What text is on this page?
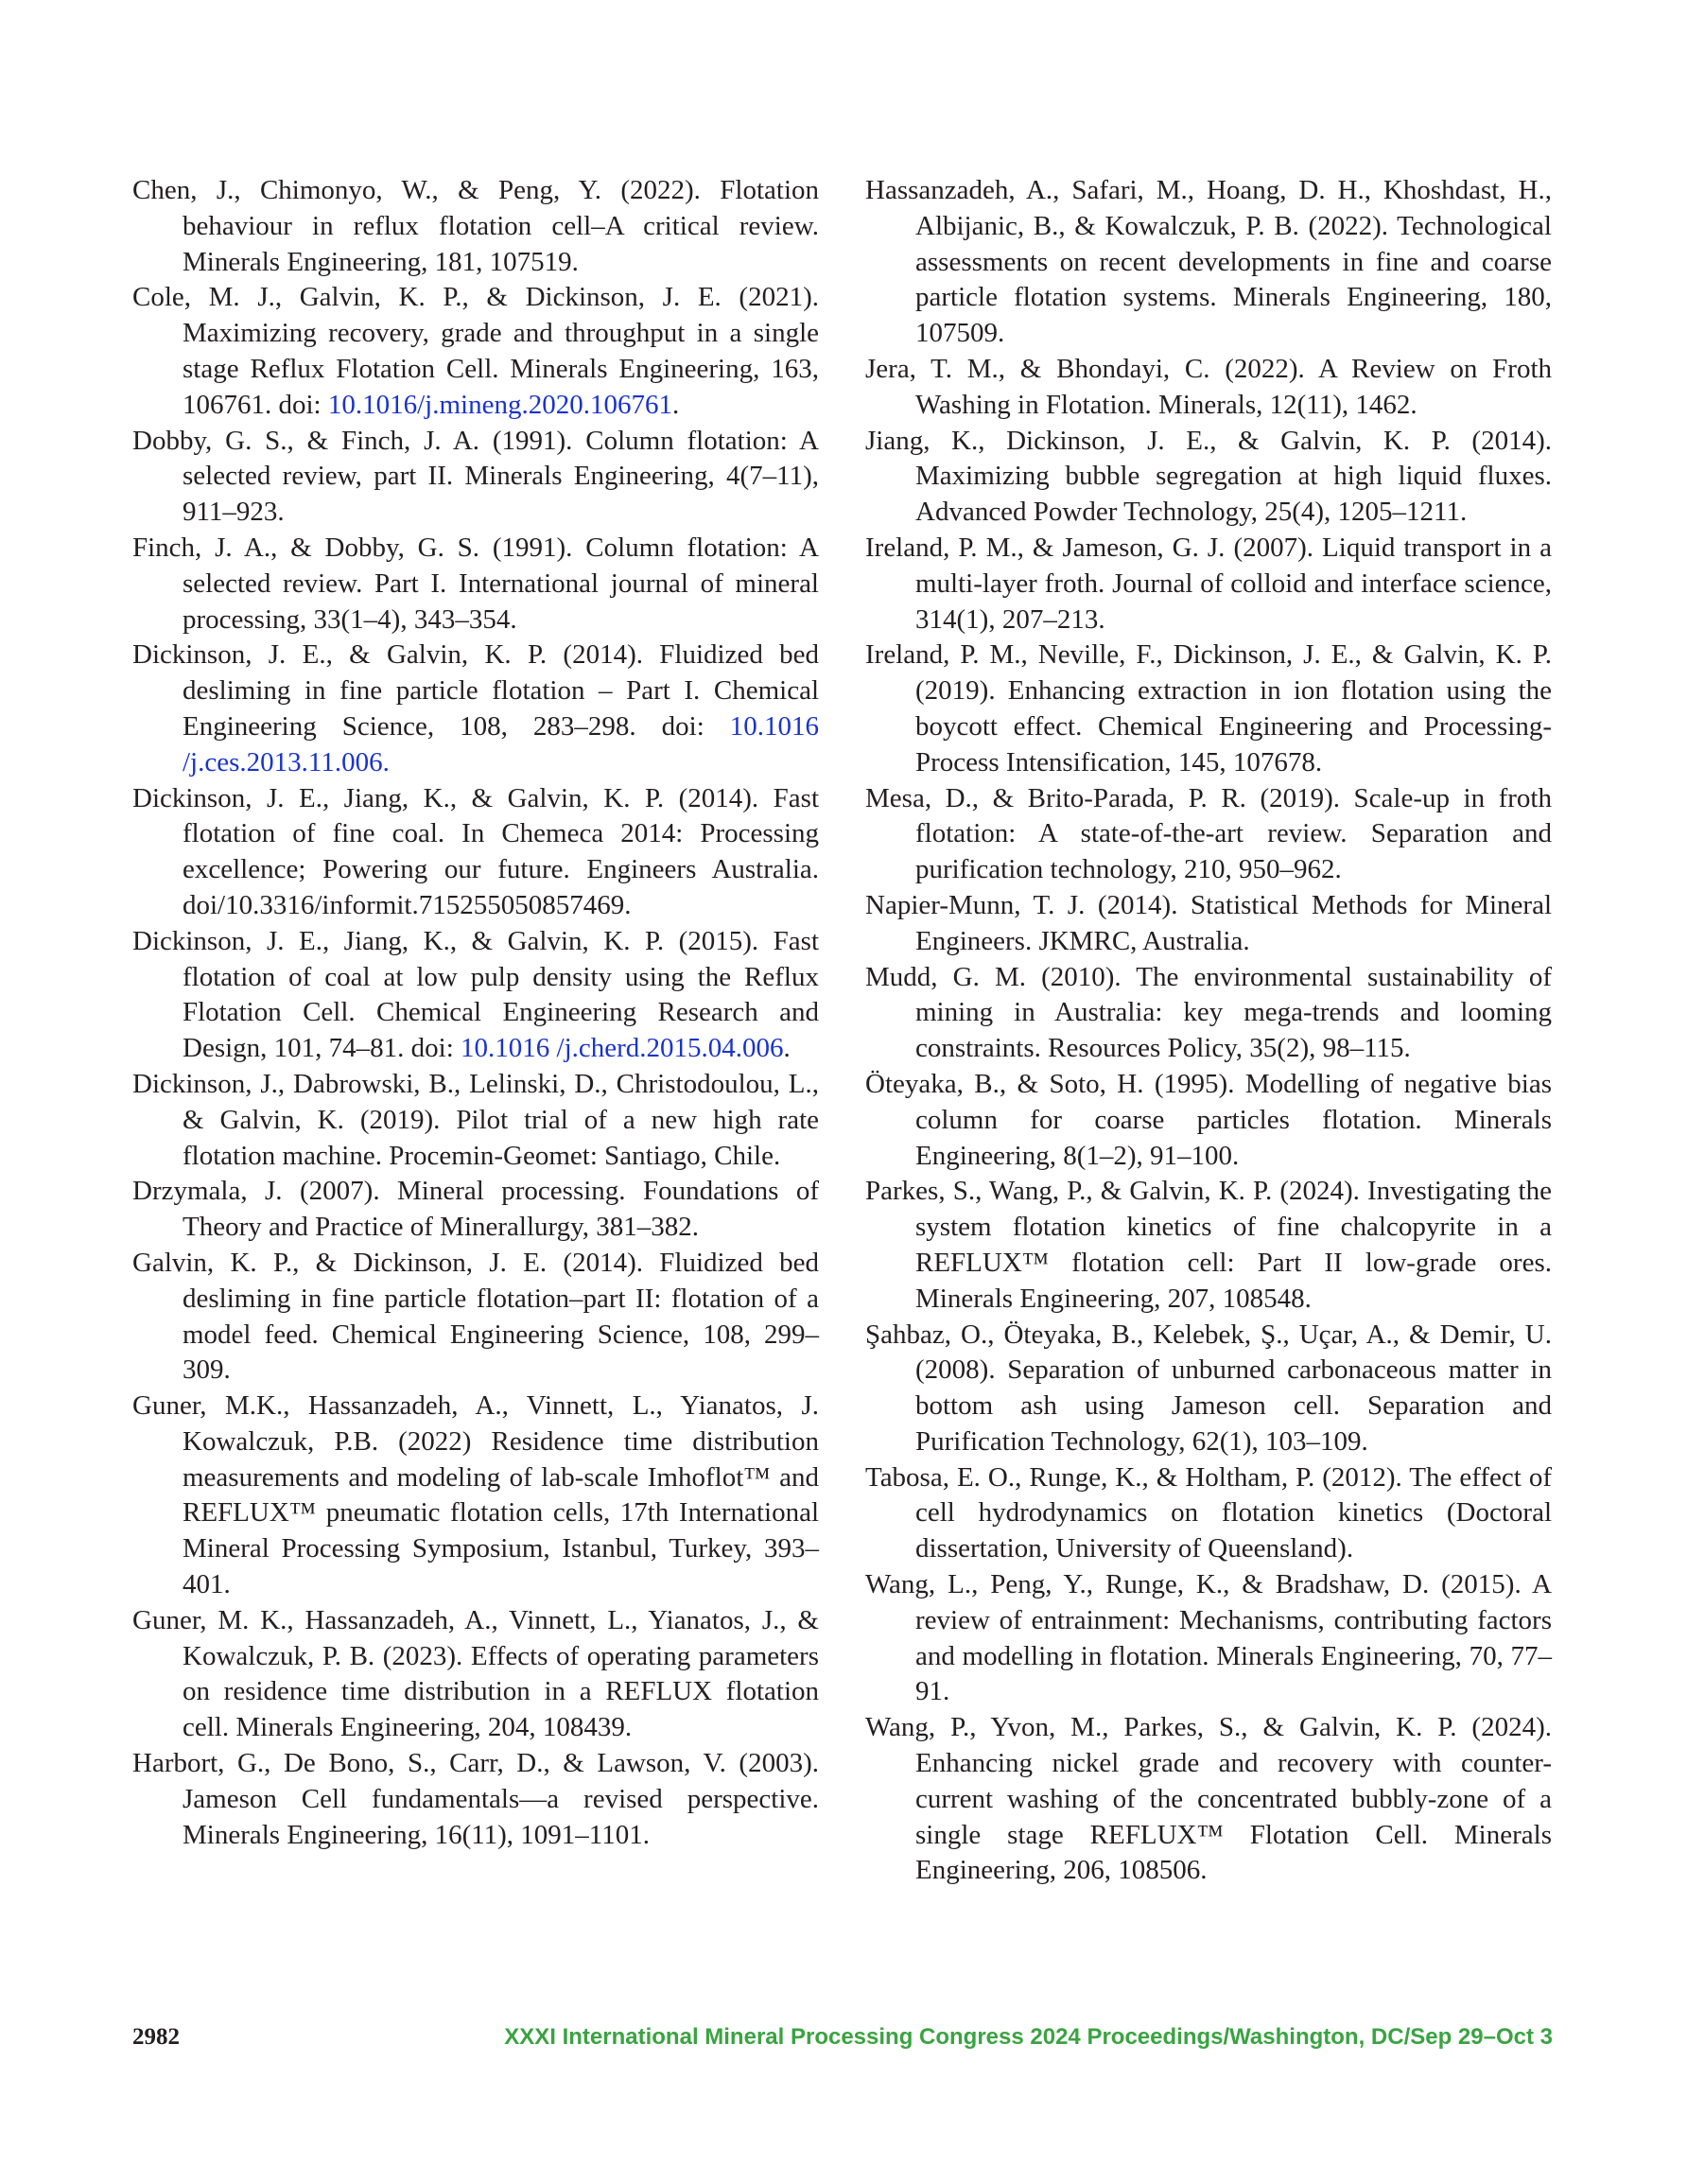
Chen, J., Chimonyo, W., & Peng, Y. (2022). Flotation behaviour in reflux flotation cell–A critical review. Minerals Engineering, 181, 107519.

Cole, M. J., Galvin, K. P., & Dickinson, J. E. (2021). Maximizing recovery, grade and throughput in a single stage Reflux Flotation Cell. Minerals Engineering, 163, 106761. doi: 10.1016/j.mineng.2020.106761.

Dobby, G. S., & Finch, J. A. (1991). Column flotation: A selected review, part II. Minerals Engineering, 4(7–11), 911–923.

Finch, J. A., & Dobby, G. S. (1991). Column flotation: A selected review. Part I. International journal of mineral processing, 33(1–4), 343–354.

Dickinson, J. E., & Galvin, K. P. (2014). Fluidized bed desliming in fine particle flotation – Part I. Chemical Engineering Science, 108, 283–298. doi: 10.1016 /j.ces.2013.11.006.

Dickinson, J. E., Jiang, K., & Galvin, K. P. (2014). Fast flotation of fine coal. In Chemeca 2014: Processing excellence; Powering our future. Engineers Australia. doi/10.3316/informit.715255050857469.

Dickinson, J. E., Jiang, K., & Galvin, K. P. (2015). Fast flotation of coal at low pulp density using the Reflux Flotation Cell. Chemical Engineering Research and Design, 101, 74–81. doi: 10.1016 /j.cherd.2015.04.006.

Dickinson, J., Dabrowski, B., Lelinski, D., Christodoulou, L., & Galvin, K. (2019). Pilot trial of a new high rate flotation machine. Procemin-Geomet: Santiago, Chile.

Drzymala, J. (2007). Mineral processing. Foundations of Theory and Practice of Minerallurgy, 381–382.

Galvin, K. P., & Dickinson, J. E. (2014). Fluidized bed desliming in fine particle flotation–part II: flotation of a model feed. Chemical Engineering Science, 108, 299–309.

Guner, M.K., Hassanzadeh, A., Vinnett, L., Yianatos, J. Kowalczuk, P.B. (2022) Residence time distribution measurements and modeling of lab-scale Imhoflot™ and REFLUX™ pneumatic flotation cells, 17th International Mineral Processing Symposium, Istanbul, Turkey, 393–401.

Guner, M. K., Hassanzadeh, A., Vinnett, L., Yianatos, J., & Kowalczuk, P. B. (2023). Effects of operating parameters on residence time distribution in a REFLUX flotation cell. Minerals Engineering, 204, 108439.

Harbort, G., De Bono, S., Carr, D., & Lawson, V. (2003). Jameson Cell fundamentals—a revised perspective. Minerals Engineering, 16(11), 1091–1101.

Hassanzadeh, A., Safari, M., Hoang, D. H., Khoshdast, H., Albijanic, B., & Kowalczuk, P. B. (2022). Technological assessments on recent developments in fine and coarse particle flotation systems. Minerals Engineering, 180, 107509.

Jera, T. M., & Bhondayi, C. (2022). A Review on Froth Washing in Flotation. Minerals, 12(11), 1462.

Jiang, K., Dickinson, J. E., & Galvin, K. P. (2014). Maximizing bubble segregation at high liquid fluxes. Advanced Powder Technology, 25(4), 1205–1211.

Ireland, P. M., & Jameson, G. J. (2007). Liquid transport in a multi-layer froth. Journal of colloid and interface science, 314(1), 207–213.

Ireland, P. M., Neville, F., Dickinson, J. E., & Galvin, K. P. (2019). Enhancing extraction in ion flotation using the boycott effect. Chemical Engineering and Processing-Process Intensification, 145, 107678.

Mesa, D., & Brito-Parada, P. R. (2019). Scale-up in froth flotation: A state-of-the-art review. Separation and purification technology, 210, 950–962.

Napier-Munn, T. J. (2014). Statistical Methods for Mineral Engineers. JKMRC, Australia.

Mudd, G. M. (2010). The environmental sustainability of mining in Australia: key mega-trends and looming constraints. Resources Policy, 35(2), 98–115.

Öteyaka, B., & Soto, H. (1995). Modelling of negative bias column for coarse particles flotation. Minerals Engineering, 8(1–2), 91–100.

Parkes, S., Wang, P., & Galvin, K. P. (2024). Investigating the system flotation kinetics of fine chalcopyrite in a REFLUX™ flotation cell: Part II low-grade ores. Minerals Engineering, 207, 108548.

Şahbaz, O., Öteyaka, B., Kelebek, Ş., Uçar, A., & Demir, U. (2008). Separation of unburned carbonaceous matter in bottom ash using Jameson cell. Separation and Purification Technology, 62(1), 103–109.

Tabosa, E. O., Runge, K., & Holtham, P. (2012). The effect of cell hydrodynamics on flotation kinetics (Doctoral dissertation, University of Queensland).

Wang, L., Peng, Y., Runge, K., & Bradshaw, D. (2015). A review of entrainment: Mechanisms, contributing factors and modelling in flotation. Minerals Engineering, 70, 77–91.

Wang, P., Yvon, M., Parkes, S., & Galvin, K. P. (2024). Enhancing nickel grade and recovery with counter-current washing of the concentrated bubbly-zone of a single stage REFLUX™ Flotation Cell. Minerals Engineering, 206, 108506.

2982	XXXI International Mineral Processing Congress 2024 Proceedings/Washington, DC/Sep 29–Oct 3
